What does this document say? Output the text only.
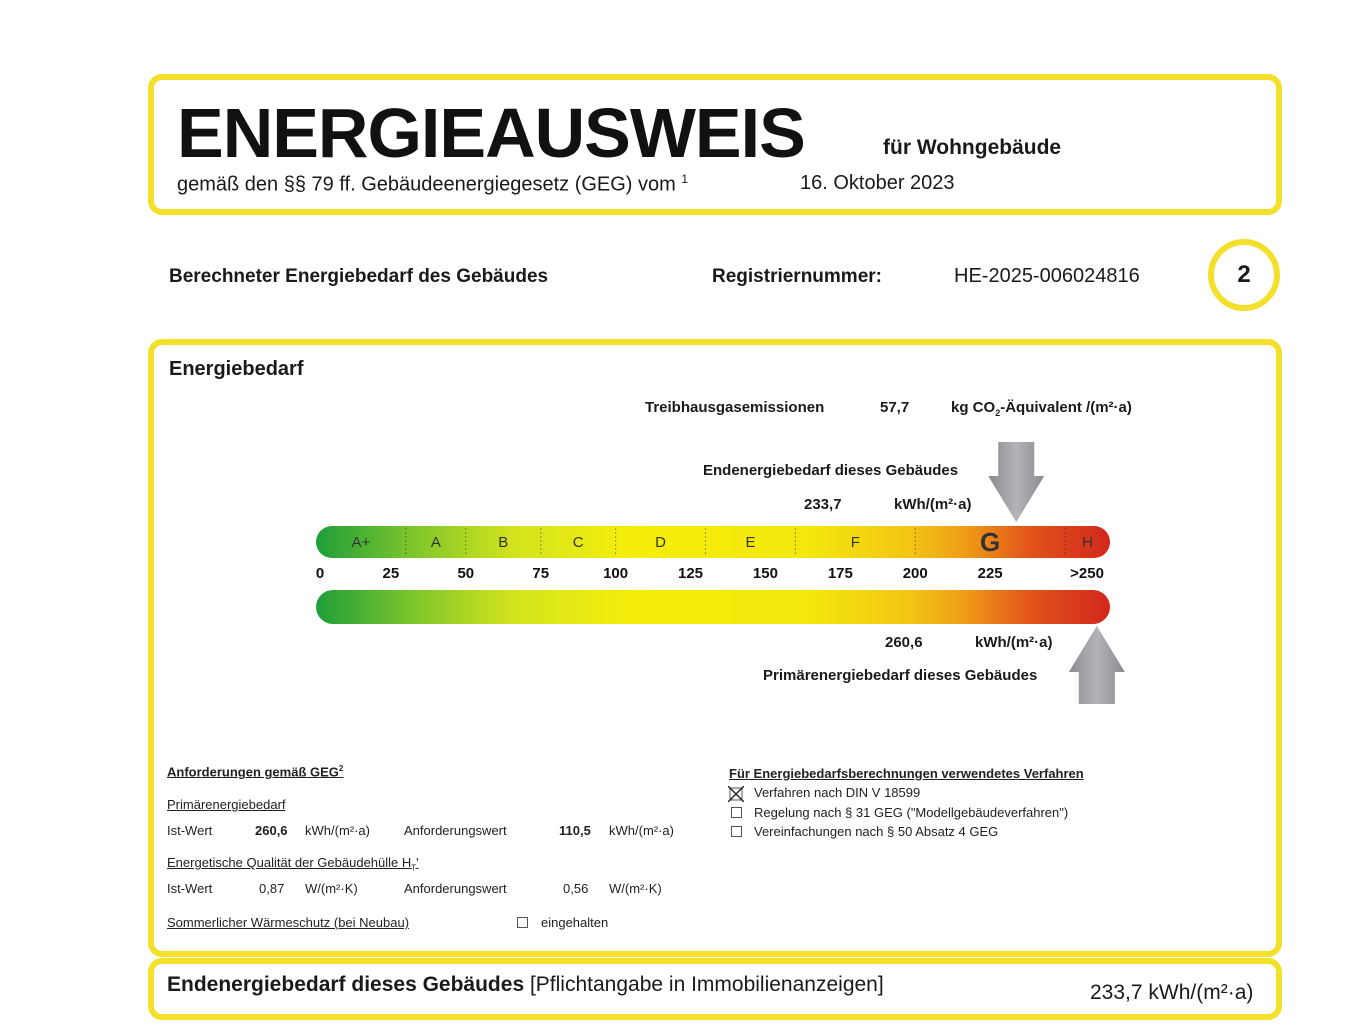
ENERGIEAUSWEIS	für Wohngebäude
gemäß den §§ 79 ff. Gebäudeenergiegesetz (GEG) vom $^1$	16. Oktober 2023
Berechneter Energiebedarf des Gebäudes	Registriernummer:	HE-2025-006024816	2
Energiebedarf
Treibhausgasemissionen	57,7	kg $CO_2$-Äquivalent /(m²·a)
Endenergiebedarf dieses Gebäudes
233,7	kWh/(m²·a)
A+	A	B	C	D	E	F	G	H
0	25	50	75	100	125	150	175	200	225	>250
260,6	kWh/(m²·a)
Primärenergiebedarf dieses Gebäudes
Anforderungen gemäß GEG$^2$
Primärenergiebedarf
Ist-Wert	260,6 kWh/(m²·a)	Anforderungswert	110,5 kWh/(m²·a)
Energetische Qualität der Gebäudehülle $H_T'$
Ist-Wert	0,87 W/(m²·K)	Anforderungswert	0,56 W/(m²·K)
Sommerlicher Wärmeschutz (bei Neubau)	eingehalten
Für Energiebedarfsberechnungen verwendetes Verfahren
Verfahren nach DIN V 18599
Regelung nach § 31 GEG ("Modellgebäudeverfahren")
Vereinfachungen nach § 50 Absatz 4 GEG
Endenergiebedarf dieses Gebäudes [Pflichtangabe in Immobilienanzeigen]	233,7 kWh/(m²·a)
